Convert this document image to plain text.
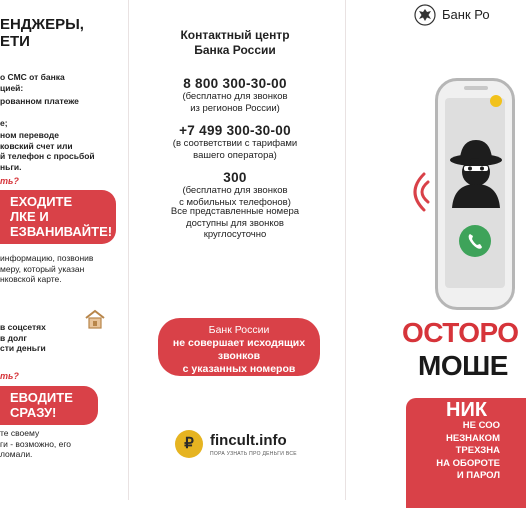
ЕНДЖЕРЫ,
ЕТИ
о СМС от банка
цией:
рованном платеже
е;
ном переводе
ковский счет или
й телефон с просьбой
ньги.
ть?
ЕХОДИТЕ
ЛКЕ И
ЕЗВАНИВАЙТЕ!
информацию, позвонив
меру, который указан
нковской карте.
в соцсетях
в долг
сти деньги
ть?
ЕВОДИТЕ
СРАЗУ!
те своему
ги - возможно, его
ломали.
Контактный центр
Банка России
8 800 300-30-00
(бесплатно для звонков
из регионов России)
+7 499 300-30-00
(в соответствии с тарифами
вашего оператора)
300
(бесплатно для звонков
с мобильных телефонов)
Все представленные номера
доступны для звонков
круглосуточно
Банк России
не совершает исходящих
звонков
с указанных номеров
₽	fincult.info
ПОРА УЗНАТЬ ПРО ДЕНЬГИ ВСЕ
Банк Ро
ОСТОРО
МОШЕ
НИК
НЕ СОО
НЕЗНАКОМ
ТРЕХЗНА
НА ОБОРОТЕ
И ПАРОЛ
